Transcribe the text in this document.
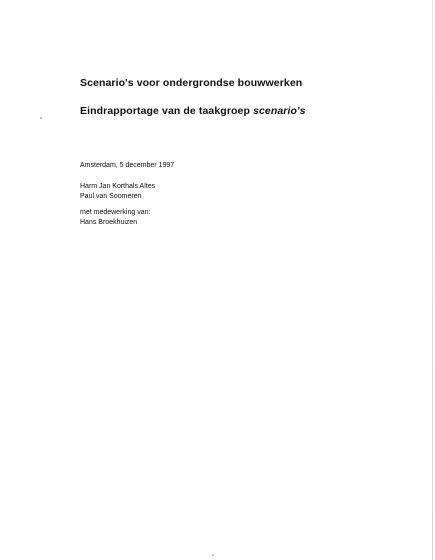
Scenario's voor ondergrondse bouwwerken
Eindrapportage van de taakgroep scenario's
Amsterdam, 5 december 1997
Harm Jan Korthals Altes
Paul van Soomeren
met medewerking van:
Hans Broekhuizen
